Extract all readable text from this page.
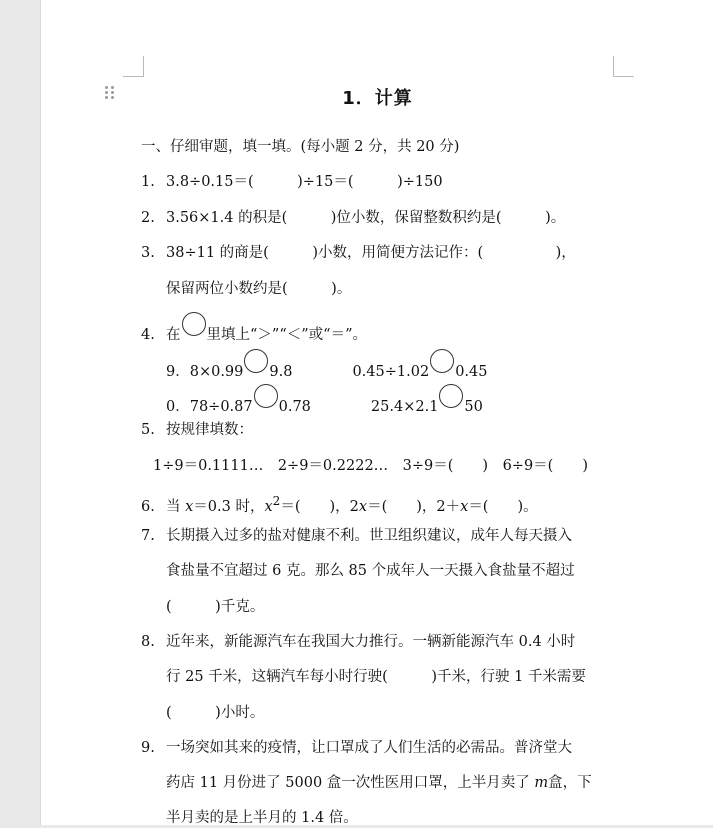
1．计算
一、仔细审题，填一填。(每小题 2 分，共 20 分)
1. 3.8÷0.15＝(　　　)÷15＝(　　　)÷150
2. 3.56×1.4 的积是(　　　)位小数，保留整数积约是(　　　)。
3. 38÷11 的商是(　　　)小数，用简便方法记作：(　　　　　)，
保留两位小数约是(　　　)。
4. 在 里填上“＞”“＜”或“＝”。
9．8×0.99 9.8	0.45÷1.02 0.45
0．78÷0.87 0.78	25.4×2.1 50
5. 按规律填数：
1÷9＝0.1111…　2÷9＝0.2222…　3÷9＝(　　)　6÷9＝(　　)
6. 当 x＝0.3 时，$x^2=$(　　)，2x＝(　　)，2＋x＝(　　)。
7. 长期摄入过多的盐对健康不利。世卫组织建议，成年人每天摄入
食盐量不宜超过 6 克。那么 85 个成年人一天摄入食盐量不超过
(　　　)千克。
8. 近年来，新能源汽车在我国大力推行。一辆新能源汽车 0.4 小时
行 25 千米，这辆汽车每小时行驶(　　　)千米，行驶 1 千米需要
(　　　)小时。
9. 一场突如其来的疫情，让口罩成了人们生活的必需品。普济堂大
药店 11 月份进了 5000 盒一次性医用口罩，上半月卖了 m盒，下
半月卖的是上半月的 1.4 倍。
